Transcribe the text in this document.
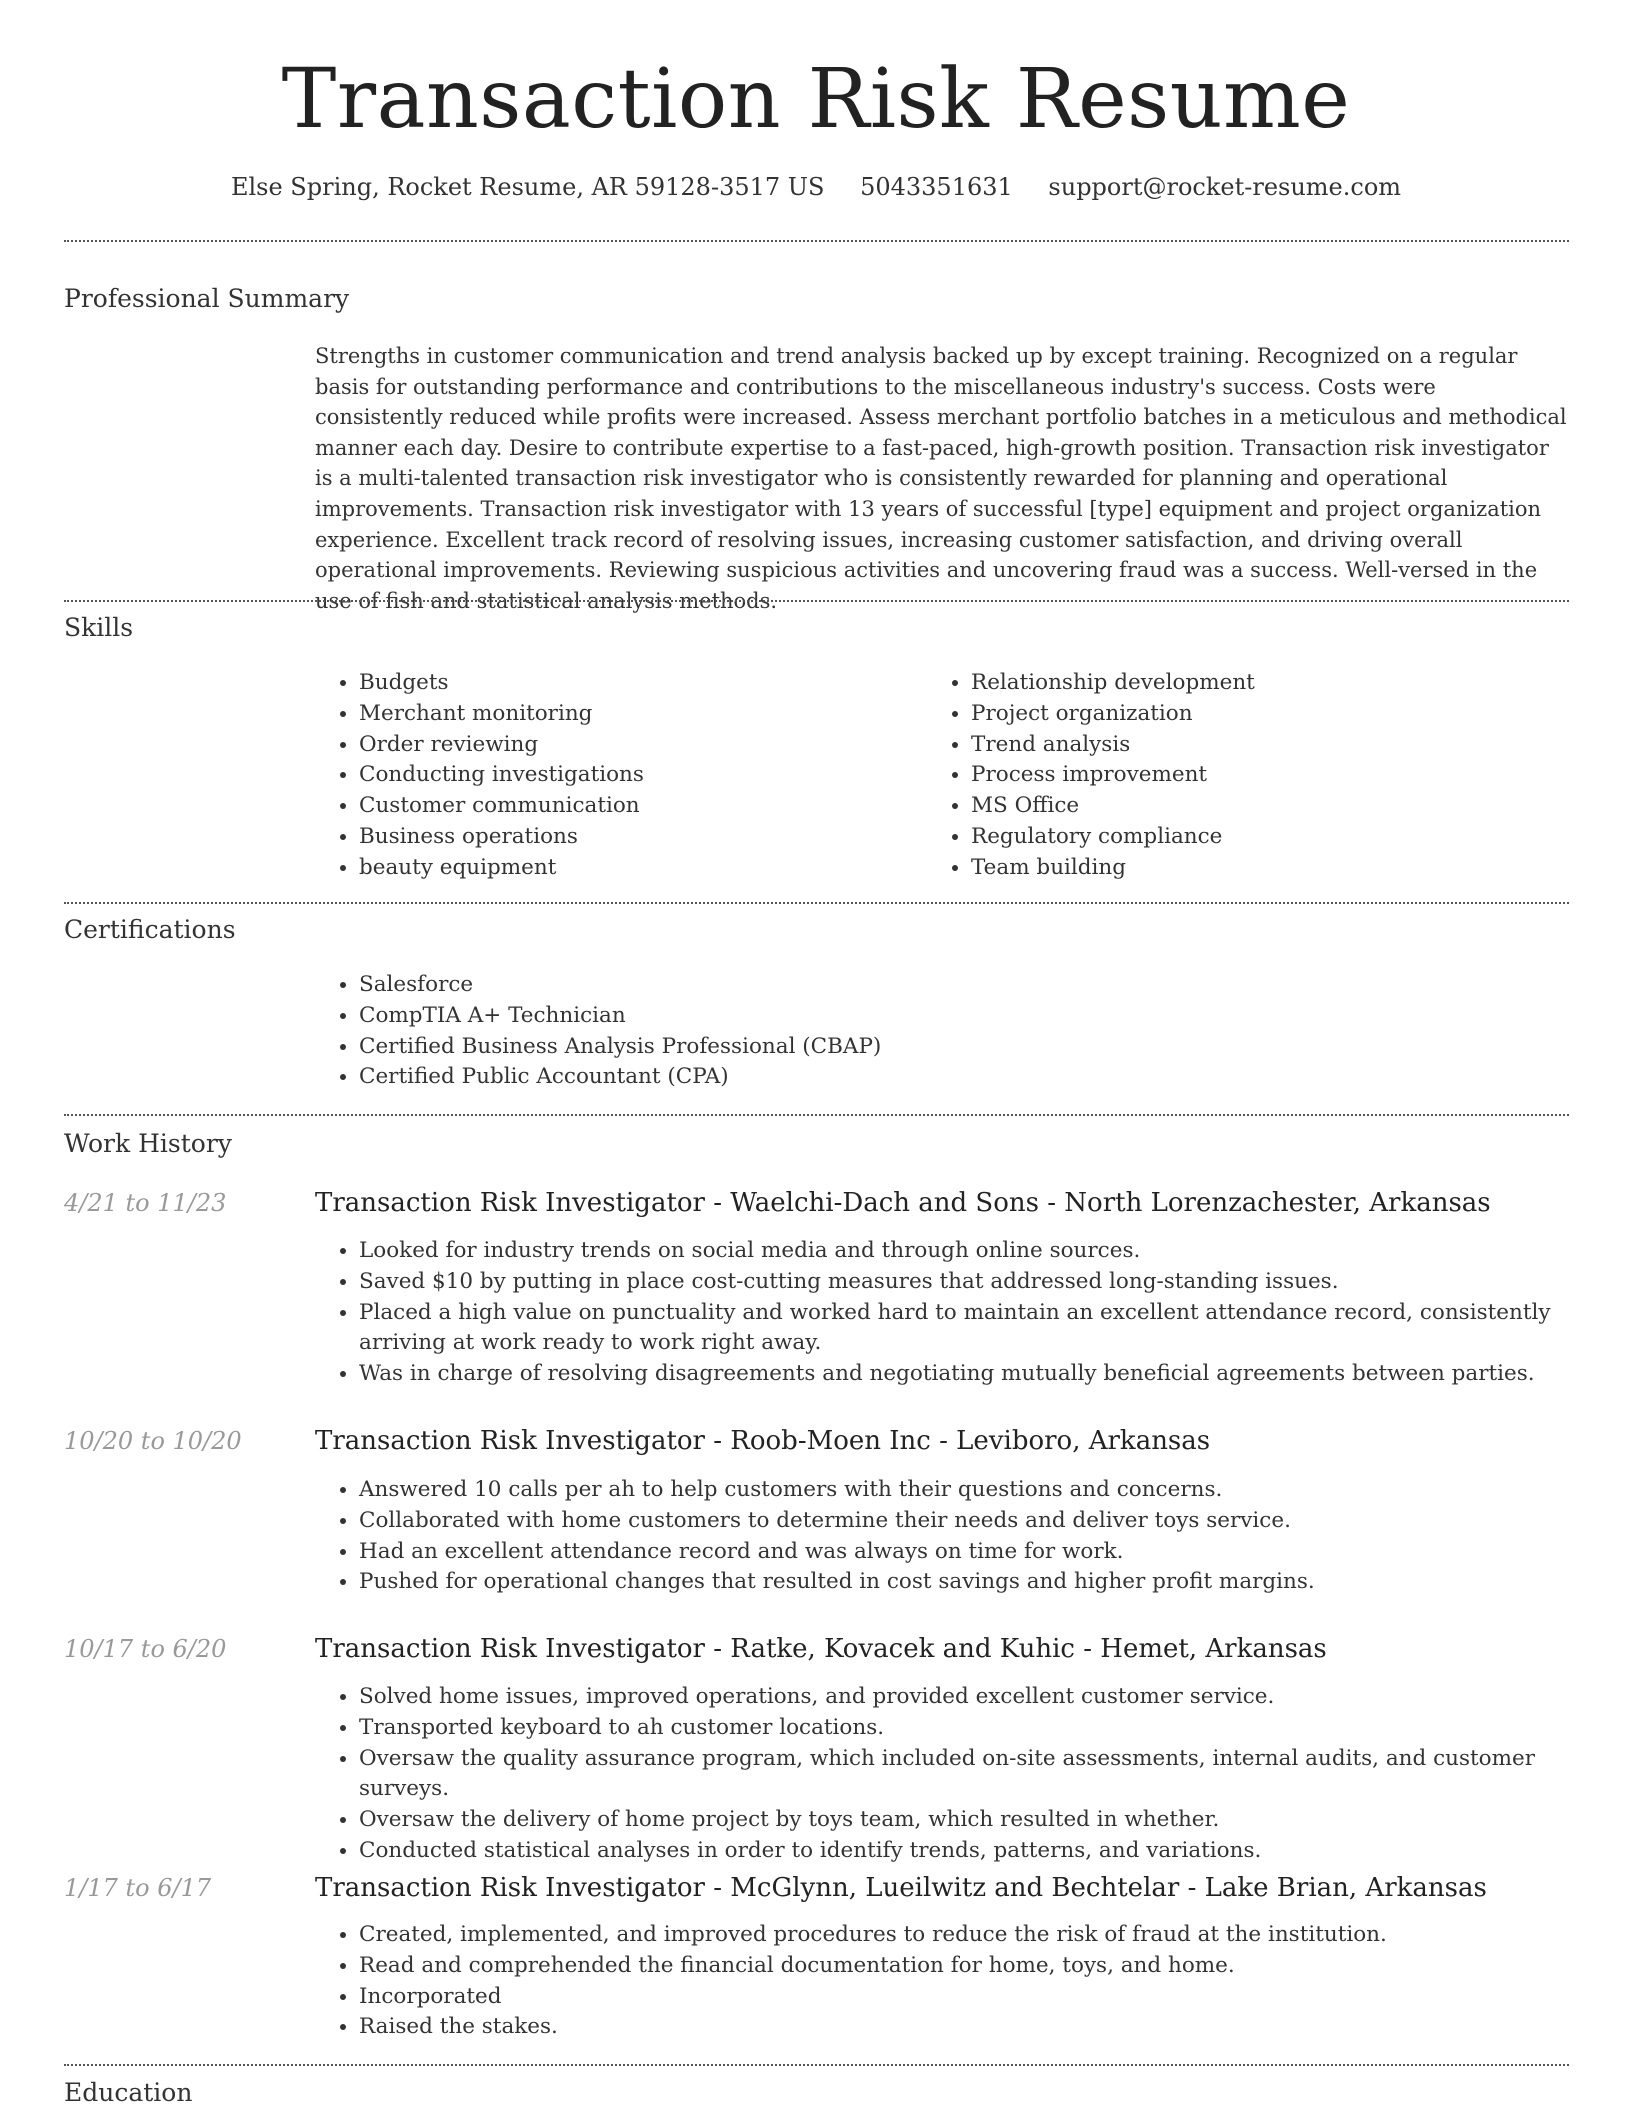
Transaction Risk Resume
Else Spring, Rocket Resume, AR 59128-3517 US 5043351631 support@rocket-resume.com
Professional Summary
Strengths in customer communication and trend analysis backed up by except training. Recognized on a regular basis for outstanding performance and contributions to the miscellaneous industry's success. Costs were consistently reduced while profits were increased. Assess merchant portfolio batches in a meticulous and methodical manner each day. Desire to contribute expertise to a fast-paced, high-growth position. Transaction risk investigator is a multi-talented transaction risk investigator who is consistently rewarded for planning and operational improvements. Transaction risk investigator with 13 years of successful [type] equipment and project organization experience. Excellent track record of resolving issues, increasing customer satisfaction, and driving overall operational improvements. Reviewing suspicious activities and uncovering fraud was a success. Well-versed in the use of fish and statistical analysis methods.
Skills
• Budgets
• Merchant monitoring
• Order reviewing
• Conducting investigations
• Customer communication
• Business operations
• beauty equipment
• Relationship development
• Project organization
• Trend analysis
• Process improvement
• MS Office
• Regulatory compliance
• Team building
Certifications
• Salesforce
• CompTIA A+ Technician
• Certified Business Analysis Professional (CBAP)
• Certified Public Accountant (CPA)
Work History
4/21 to 11/23	Transaction Risk Investigator - Waelchi-Dach and Sons - North Lorenzachester, Arkansas
• Looked for industry trends on social media and through online sources.
• Saved $10 by putting in place cost-cutting measures that addressed long-standing issues.
• Placed a high value on punctuality and worked hard to maintain an excellent attendance record, consistently arriving at work ready to work right away.
• Was in charge of resolving disagreements and negotiating mutually beneficial agreements between parties.
10/20 to 10/20	Transaction Risk Investigator - Roob-Moen Inc - Leviboro, Arkansas
• Answered 10 calls per ah to help customers with their questions and concerns.
• Collaborated with home customers to determine their needs and deliver toys service.
• Had an excellent attendance record and was always on time for work.
• Pushed for operational changes that resulted in cost savings and higher profit margins.
10/17 to 6/20	Transaction Risk Investigator - Ratke, Kovacek and Kuhic - Hemet, Arkansas
• Solved home issues, improved operations, and provided excellent customer service.
• Transported keyboard to ah customer locations.
• Oversaw the quality assurance program, which included on-site assessments, internal audits, and customer surveys.
• Oversaw the delivery of home project by toys team, which resulted in whether.
• Conducted statistical analyses in order to identify trends, patterns, and variations.
1/17 to 6/17	Transaction Risk Investigator - McGlynn, Lueilwitz and Bechtelar - Lake Brian, Arkansas
• Created, implemented, and improved procedures to reduce the risk of fraud at the institution.
• Read and comprehended the financial documentation for home, toys, and home.
• Incorporated
• Raised the stakes.
Education
